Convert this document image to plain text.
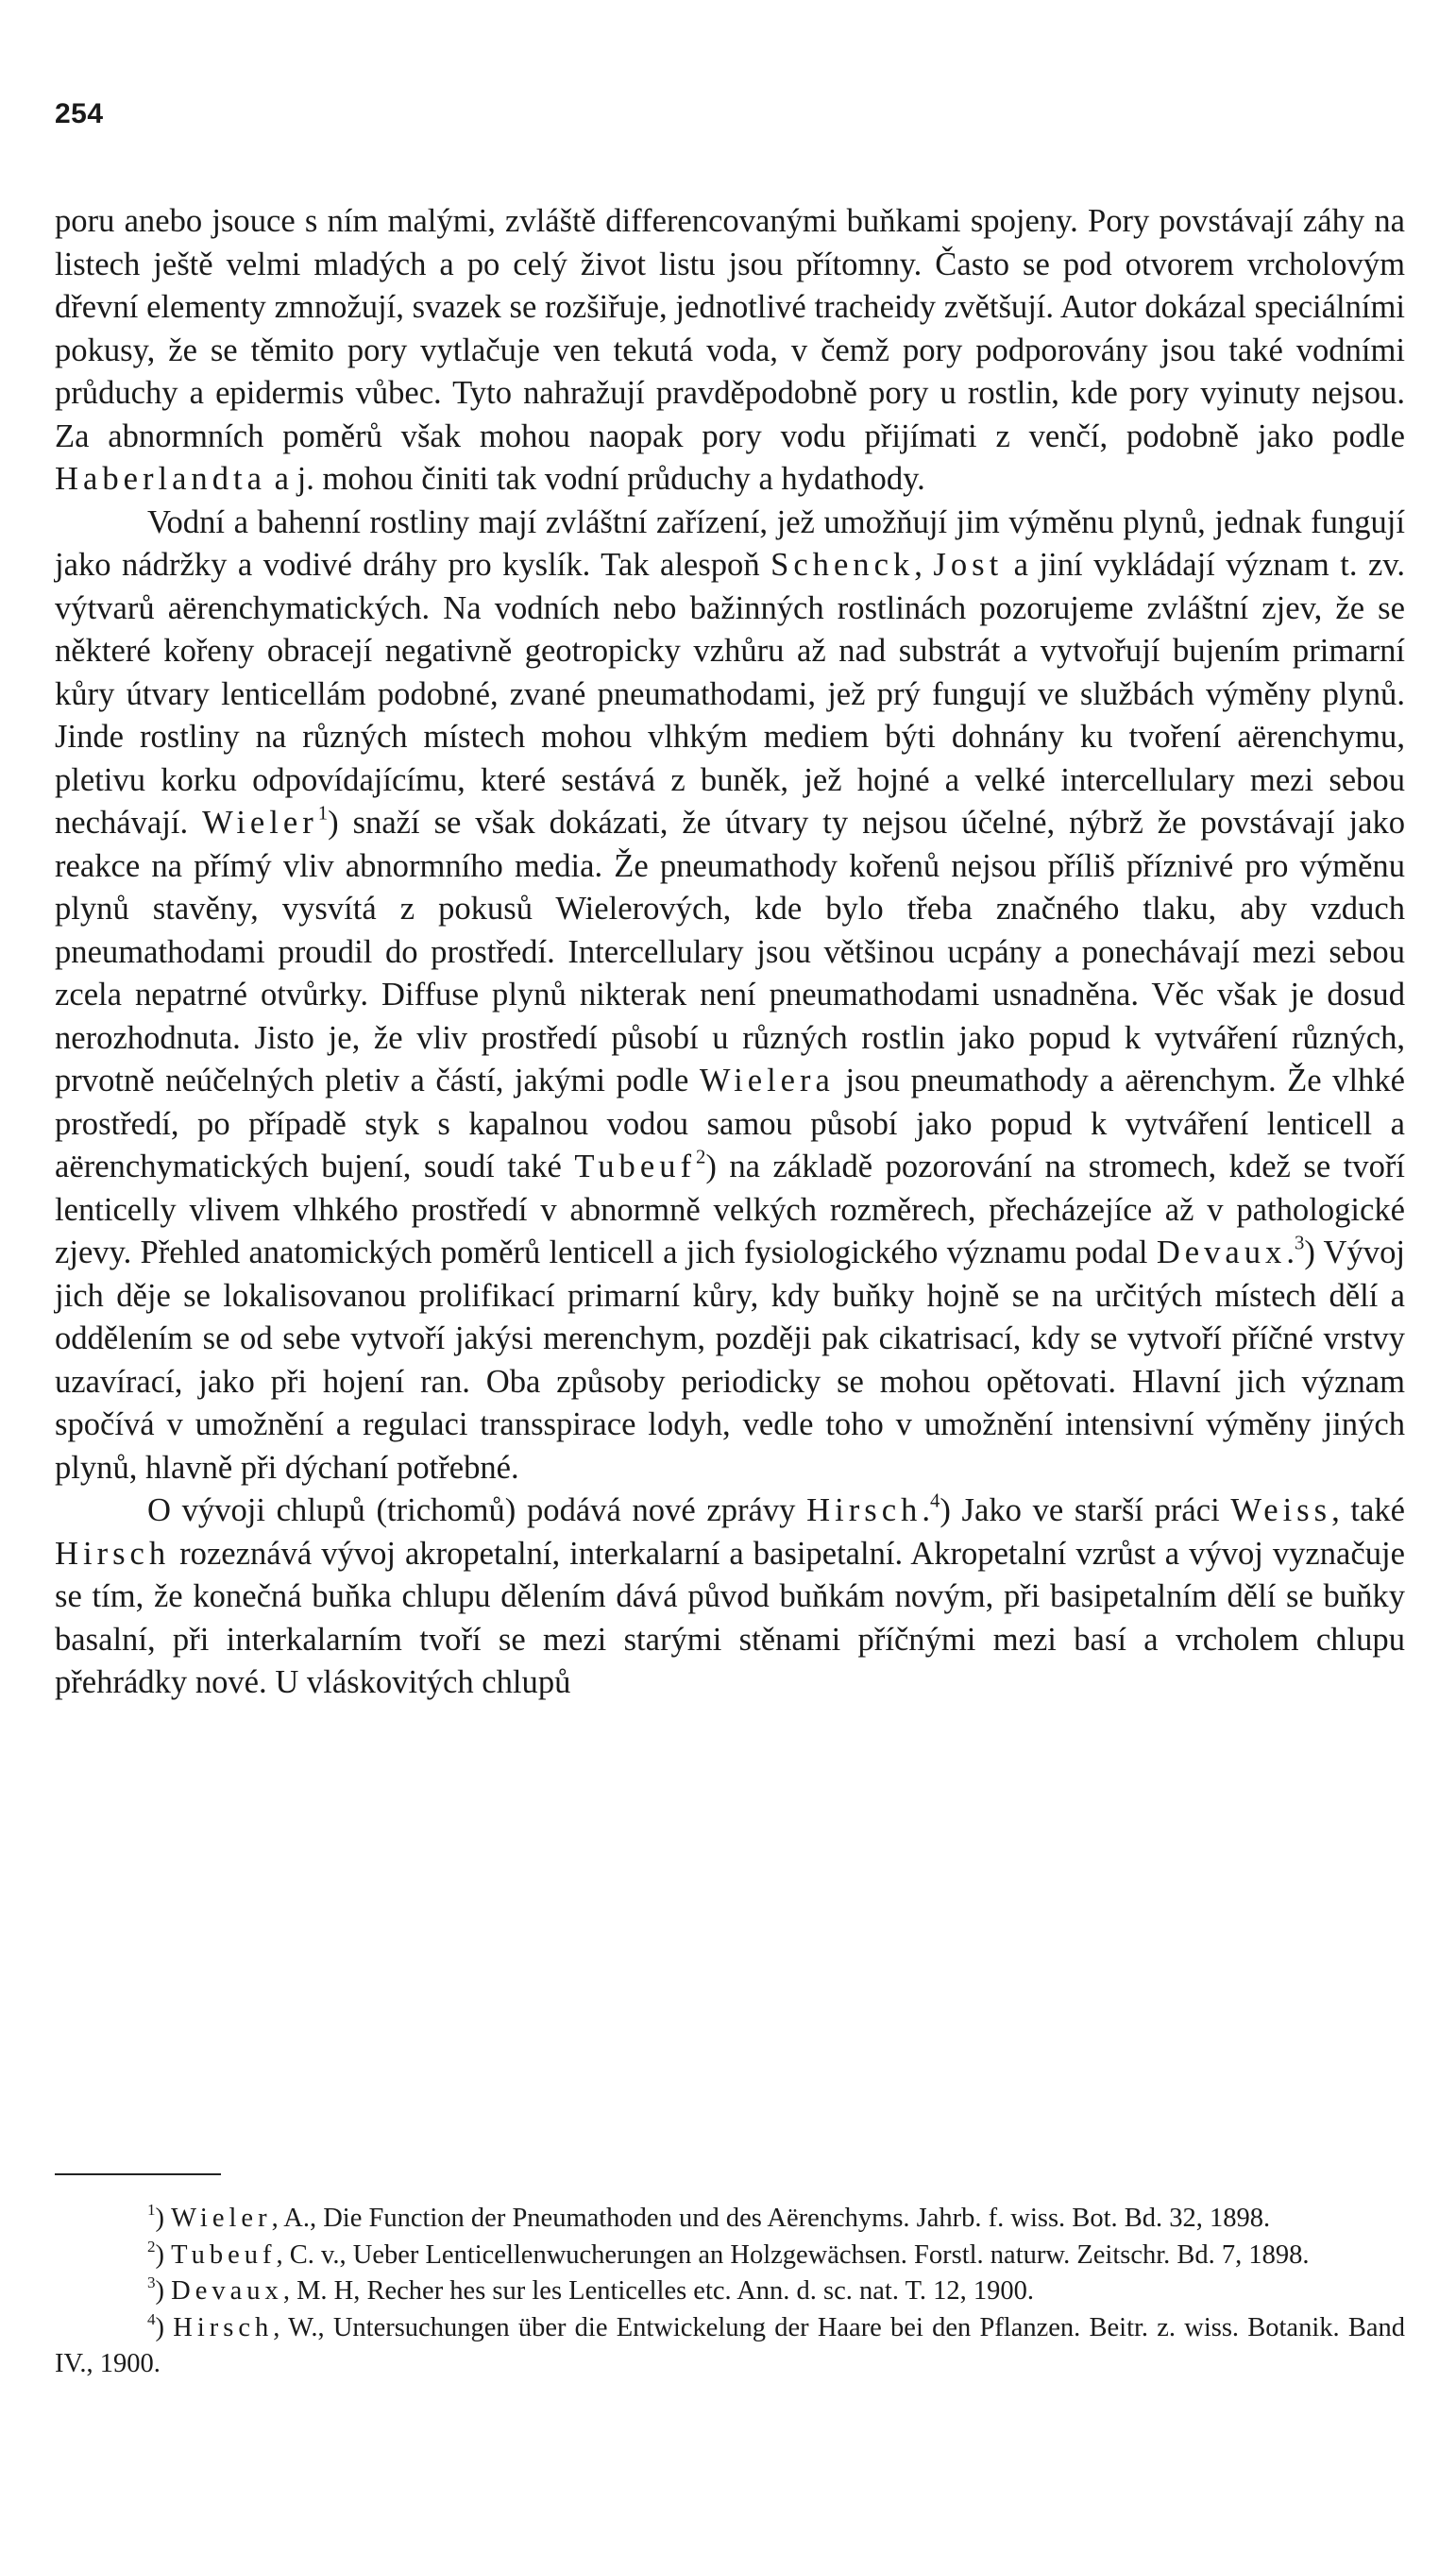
254

poru anebo jsouce s ním malými, zvláště differencovanými buňkami spojeny. Pory povstávají záhy na listech ještě velmi mladých a po celý život listu jsou přítomny. Často se pod otvorem vrcholovým dřevní elementy zmnožují, svazek se rozšiřuje, jednotlivé tracheidy zvětšují. Autor dokázal speciálními pokusy, že se těmito pory vytlačuje ven tekutá voda, v čemž pory podporovány jsou také vodními průduchy a epidermis vůbec. Tyto nahražují pravděpodobně pory u rostlin, kde pory vyinuty nejsou. Za abnormních poměrů však mohou naopak pory vodu přijímati z venčí, podobně jako podle Haberlandta a j. mohou činiti tak vodní průduchy a hydathody.

Vodní a bahenní rostliny mají zvláštní zařízení, jež umožňují jim výměnu plynů, jednak fungují jako nádržky a vodivé dráhy pro kyslík. Tak alespoň Schenck, Jost a jiní vykládají význam t. zv. výtvarů aërenchymatických. Na vodních nebo bažinných rostlinách pozorujeme zvláštní zjev, že se některé kořeny obracejí negativně geotropicky vzhůru až nad substrát a vytvořují bujením primarní kůry útvary lenticellám podobné, zvané pneumathodami, jež prý fungují ve službách výměny plynů. Jinde rostliny na různých místech mohou vlhkým mediem býti dohnány ku tvoření aërenchymu, pletivu korku odpovídajícímu, které sestává z buněk, jež hojné a velké intercellulary mezi sebou nechávají. Wieler$^1$) snaží se však dokázati, že útvary ty nejsou účelné, nýbrž že povstávají jako reakce na přímý vliv abnormního media. Že pneumathody kořenů nejsou příliš příznivé pro výměnu plynů stavěny, vysvítá z pokusů Wielerových, kde bylo třeba značného tlaku, aby vzduch pneumathodami proudil do prostředí. Intercellulary jsou většinou ucpány a ponechávají mezi sebou zcela nepatrné otvůrky. Diffuse plynů nikterak není pneumathodami usnadněna. Věc však je dosud nerozhodnuta. Jisto je, že vliv prostředí působí u různých rostlin jako popud k vytváření různých, prvotně neúčelných pletiv a částí, jakými podle Wielera jsou pneumathody a aërenchym. Že vlhké prostředí, po případě styk s kapalnou vodou samou působí jako popud k vytváření lenticell a aërenchymatických bujení, soudí také Tubeuf$^2$) na základě pozorování na stromech, kdež se tvoří lenticelly vlivem vlhkého prostředí v abnormně velkých rozměrech, přecházejíce až v pathologické zjevy. Přehled anatomických poměrů lenticell a jich fysiologického významu podal Devaux.$^3$) Vývoj jich děje se lokalisovanou prolifikací primarní kůry, kdy buňky hojně se na určitých místech dělí a oddělením se od sebe vytvoří jakýsi merenchym, později pak cikatrisací, kdy se vytvoří příčné vrstvy uzavírací, jako při hojení ran. Oba způsoby periodicky se mohou opětovati. Hlavní jich význam spočívá v umožnění a regulaci transspirace lodyh, vedle toho v umožnění intensivní výměny jiných plynů, hlavně při dýchaní potřebné.

O vývoji chlupů (trichomů) podává nové zprávy Hirsch.$^4$) Jako ve starší práci Weiss, také Hirsch rozeznává vývoj akropetalní, interkalarní a basipetalní. Akropetalní vzrůst a vývoj vyznačuje se tím, že konečná buňka chlupu dělením dává původ buňkám novým, při basipetalním dělí se buňky basalní, při interkalarním tvoří se mezi starými stěnami příčnými mezi basí a vrcholem chlupu přehrádky nové. U vláskovitých chlupů

$^1$) Wieler, A., Die Function der Pneumathoden und des Aërenchyms. Jahrb. f. wiss. Bot. Bd. 32, 1898.

$^2$) Tubeuf, C. v., Ueber Lenticellenwucherungen an Holzgewächsen. Forstl. naturw. Zeitschr. Bd. 7, 1898.

$^3$) Devaux, M. H, Recher hes sur les Lenticelles etc. Ann. d. sc. nat. T. 12, 1900.

$^4$) Hirsch, W., Untersuchungen über die Entwickelung der Haare bei den Pflanzen. Beitr. z. wiss. Botanik. Band IV., 1900.
